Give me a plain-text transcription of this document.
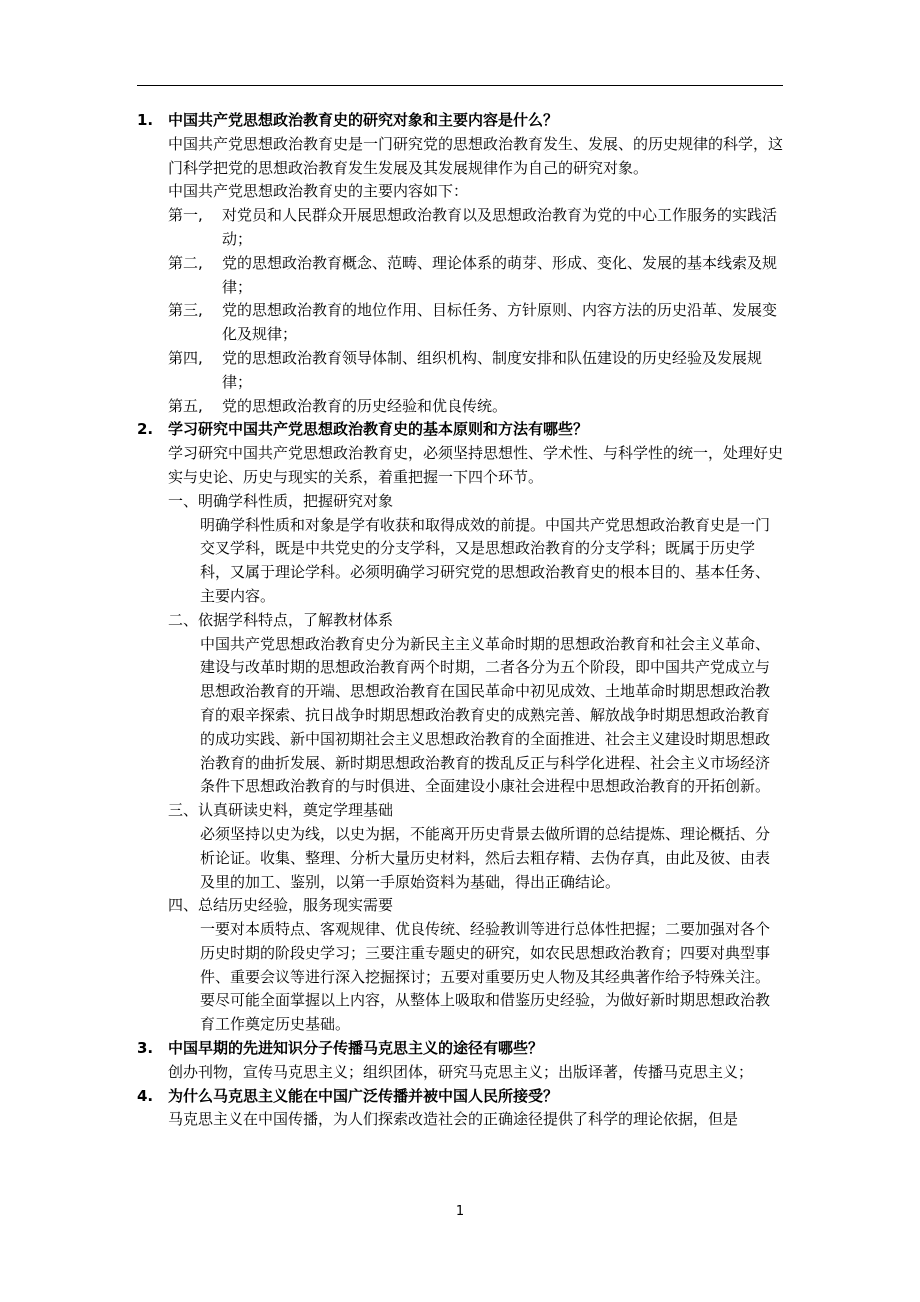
1. 中国共产党思想政治教育史的研究对象和主要内容是什么？
中国共产党思想政治教育史是一门研究党的思想政治教育发生、发展、的历史规律的科学，这门科学把党的思想政治教育发生发展及其发展规律作为自己的研究对象。
中国共产党思想政治教育史的主要内容如下：
第一,	对党员和人民群众开展思想政治教育以及思想政治教育为党的中心工作服务的实践活动；
第二,	党的思想政治教育概念、范畴、理论体系的萌芽、形成、变化、发展的基本线索及规律；
第三,	党的思想政治教育的地位作用、目标任务、方针原则、内容方法的历史沿革、发展变化及规律；
第四,	党的思想政治教育领导体制、组织机构、制度安排和队伍建设的历史经验及发展规律；
第五,	党的思想政治教育的历史经验和优良传统。
2. 学习研究中国共产党思想政治教育史的基本原则和方法有哪些？
学习研究中国共产党思想政治教育史，必须坚持思想性、学术性、与科学性的统一，处理好史实与史论、历史与现实的关系，着重把握一下四个环节。
一、明确学科性质，把握研究对象
明确学科性质和对象是学有收获和取得成效的前提。中国共产党思想政治教育史是一门交叉学科，既是中共党史的分支学科，又是思想政治教育的分支学科；既属于历史学科，又属于理论学科。必须明确学习研究党的思想政治教育史的根本目的、基本任务、主要内容。
二、依据学科特点，了解教材体系
中国共产党思想政治教育史分为新民主主义革命时期的思想政治教育和社会主义革命、建设与改革时期的思想政治教育两个时期，二者各分为五个阶段，即中国共产党成立与思想政治教育的开端、思想政治教育在国民革命中初见成效、土地革命时期思想政治教育的艰辛探索、抗日战争时期思想政治教育史的成熟完善、解放战争时期思想政治教育的成功实践、新中国初期社会主义思想政治教育的全面推进、社会主义建设时期思想政治教育的曲折发展、新时期思想政治教育的拨乱反正与科学化进程、社会主义市场经济条件下思想政治教育的与时俱进、全面建设小康社会进程中思想政治教育的开拓创新。
三、认真研读史料，奠定学理基础
必须坚持以史为线，以史为据，不能离开历史背景去做所谓的总结提炼、理论概括、分析论证。收集、整理、分析大量历史材料，然后去粗存精、去伪存真，由此及彼、由表及里的加工、鉴别，以第一手原始资料为基础，得出正确结论。
四、总结历史经验，服务现实需要
一要对本质特点、客观规律、优良传统、经验教训等进行总体性把握；二要加强对各个历史时期的阶段史学习；三要注重专题史的研究，如农民思想政治教育；四要对典型事件、重要会议等进行深入挖掘探讨；五要对重要历史人物及其经典著作给予特殊关注。要尽可能全面掌握以上内容，从整体上吸取和借鉴历史经验，为做好新时期思想政治教育工作奠定历史基础。
3. 中国早期的先进知识分子传播马克思主义的途径有哪些？
创办刊物，宣传马克思主义；组织团体，研究马克思主义；出版译著，传播马克思主义；
4. 为什么马克思主义能在中国广泛传播并被中国人民所接受？
马克思主义在中国传播，为人们探索改造社会的正确途径提供了科学的理论依据，但是
1
